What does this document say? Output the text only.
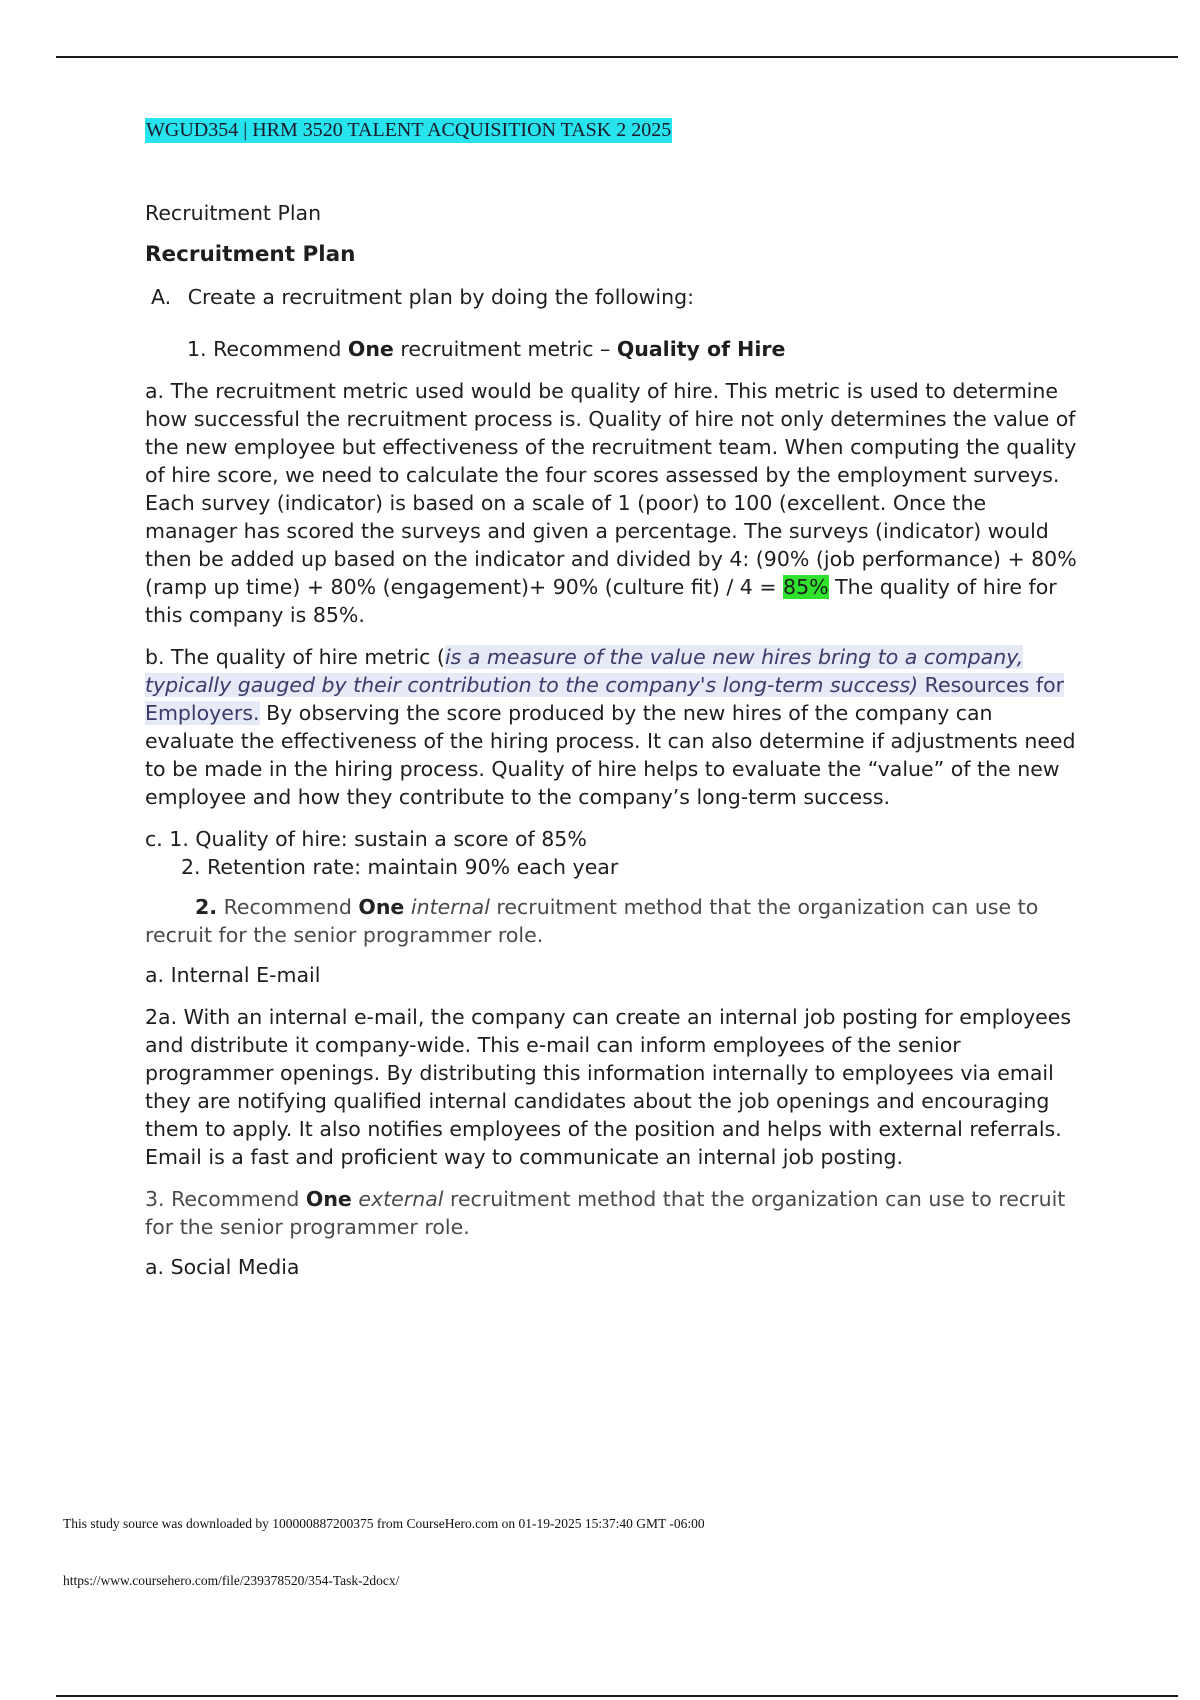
WGUD354 | HRM 3520 TALENT ACQUISITION TASK 2 2025

Recruitment Plan

Recruitment Plan

A. Create a recruitment plan by doing the following:

1. Recommend One recruitment metric – Quality of Hire

a. The recruitment metric used would be quality of hire. This metric is used to determine how successful the recruitment process is. Quality of hire not only determines the value of the new employee but effectiveness of the recruitment team. When computing the quality of hire score, we need to calculate the four scores assessed by the employment surveys. Each survey (indicator) is based on a scale of 1 (poor) to 100 (excellent. Once the manager has scored the surveys and given a percentage. The surveys (indicator) would then be added up based on the indicator and divided by 4: (90% (job performance) + 80% (ramp up time) + 80% (engagement)+ 90% (culture fit) / 4 = 85% The quality of hire for this company is 85%.

b. The quality of hire metric (is a measure of the value new hires bring to a company, typically gauged by their contribution to the company's long-term success) Resources for Employers. By observing the score produced by the new hires of the company can evaluate the effectiveness of the hiring process. It can also determine if adjustments need to be made in the hiring process. Quality of hire helps to evaluate the “value” of the new employee and how they contribute to the company’s long-term success.

c. 1. Quality of hire: sustain a score of 85%

2. Retention rate: maintain 90% each year

2. Recommend One internal recruitment method that the organization can use to recruit for the senior programmer role.

a. Internal E-mail

2a. With an internal e-mail, the company can create an internal job posting for employees and distribute it company-wide. This e-mail can inform employees of the senior programmer openings. By distributing this information internally to employees via email they are notifying qualified internal candidates about the job openings and encouraging them to apply. It also notifies employees of the position and helps with external referrals. Email is a fast and proficient way to communicate an internal job posting.

3. Recommend One external recruitment method that the organization can use to recruit for the senior programmer role.

a. Social Media

This study source was downloaded by 100000887200375 from CourseHero.com on 01-19-2025 15:37:40 GMT -06:00
https://www.coursehero.com/file/239378520/354-Task-2docx/
